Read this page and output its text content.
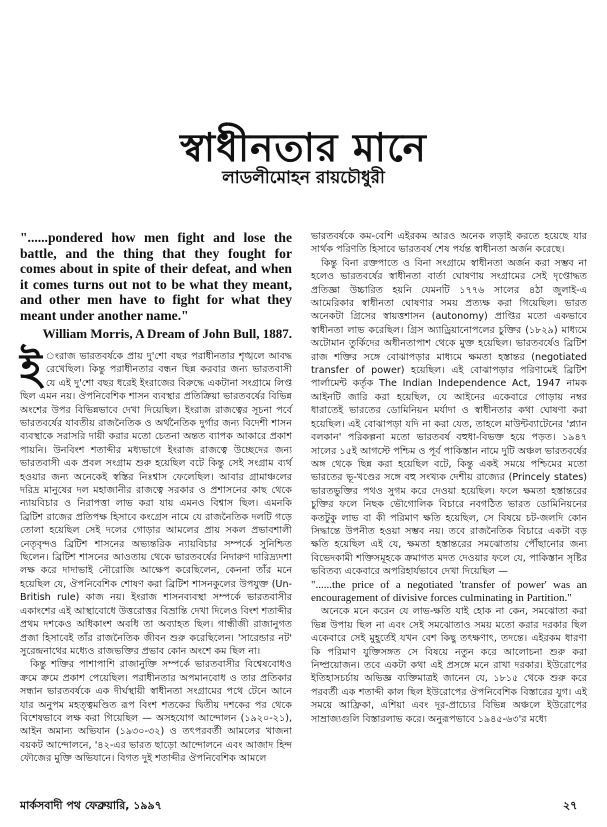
স্বাধীনতার মানে
লাডলীমোহন রায়চৌধুরী
"......pondered how men fight and lose the battle, and the thing that they fought for comes about in spite of their defeat, and when it comes turns out not to be what they meant, and other men have to fight for what they meant under another name."
William Morris, A Dream of John Bull, 1887.

ই ংরাজ ভারতবর্ষকে প্রায় দু'শো বছর পরাধীনতার শৃঙ্খলে আবদ্ধ রেখেছিল। কিন্তু পরাধীনতার বন্ধন ছিন্ন করবার জন্য ভারতবাসী যে এই দু'শো বছর ধরেই ইংরাজের বিরুদ্ধে একটানা সংগ্রামে লিপ্ত ছিল এমন নয়। ঔপনিবেশিক শাসন ব্যবস্থার প্রতিক্রিয়া ভারতবর্ষের বিভিন্ন অংশের উপর বিভিন্নভাবে দেখা দিয়েছিল। ইংরাজ রাজত্বের সূচনা পর্বে ভারতবর্ষের যাবতীয় রাজনৈতিক ও অর্থনৈতিক দুর্গার জন্য বিদেশী শাসন ব্যবস্থাকে সরাসরি দায়ী করার মতো চেতনা অন্তত ব্যাপক আকারে প্রকাশ পায়নি। উনবিংশ শতাব্দীর মধ্যভাগে ইংরাজ রাজত্বে উচ্ছেদের জন্য ভারতবাসী এক প্রবল সংগ্রাম শুরু হয়েছিল বটে কিন্তু সেই সংগ্রাম ব্যর্থ হওয়ার জন্য অনেকেই স্বস্তির নিঃশ্বাস ফেলেছিল। আবার গ্রামাঞ্চলের দরিদ্র মানুষের দল মহাজানীর রাজত্বে সরকার ও প্রশাসনের কাছ থেকে ন্যায়বিচার ও নিরাপত্তা লাভ করা যায় এমনও বিশ্বাস ছিল। এমনকি ব্রিটিশ রাজের প্রতিপক্ষ হিসাবে কংগ্রেস নামে যে রাজনৈতিক দলটি গড়ে তোলা হয়েছিল সেই দলের গোড়ার আমলের প্রায় সকল প্রভাবশালী নেতৃবৃন্দও ব্রিটিশ শাসনের অভ্যন্তরিক ন্যায়বিচার সম্পর্কে সুনিশ্চিত ছিলেন। ব্রিটিশ শাসনের আওতায় থেকে ভারতবর্ষের নিদারুণ দারিদ্র্যদশা লক্ষ করে দাদাভাই নৌরোজি আক্ষেপ করেছিলেন, কেননা তাঁর মনে হয়েছিল যে, ঔপনিবেশিক শোষণ করা ব্রিটিশ শাসনকুলের উপযুক্ত (Un-British rule) কাজ নয়। ইংরাজ শাসনব্যবস্থা সম্পর্কে ভারতবাসীর একাংশের এই আস্থাবোধে উত্তরোত্তর বিভ্রান্তি দেখা দিলেও বিংশ শতাব্দীর প্রথম দশকেও অধিকাংশ অবধি তা অব্যাহত ছিল। গান্ধীজী রাজানুগত প্রজা হিসাবেই তাঁর রাজনৈতিক জীবন শুরু করেছিলেন। 'সারেন্ডার নট' সুরেন্দ্রনাথের মধ্যেও রাজভক্তির প্রভাব কোন অংশে কম ছিল না।

কিন্তু শক্তির পাশাপাশি রাজানুক্তি সম্পর্কে ভারতবাসীর বিশ্বেষবোধও ক্রমে ক্রমে প্রকাশ পেয়েছিল। পরাধীনতার অপমানবোধ ও তার প্রতিকার সন্ধান ভারতবর্ষকে এক দীর্ঘস্থায়ী স্বাধীনতা সংগ্রামের পথে টেনে আনে যার অনুপম মহত্ত্বমণ্ডিত রূপ বিংশ শতকের দ্বিতীয় দশকের পর থেকে বিশেষভাবে লক্ষ করা গিয়েছিল — অসহযোগ আন্দোলন (১৯২০-২১), আইন অমান্য অভিযান (১৯৩০-৩২) ও তৎপরবর্তী আমলের খাজনা বয়কট আন্দোলনে, '৪২-এর ভারত ছাড়ো আন্দোলনে এবং আজাদ হিন্দ ফৌজের মুক্তি অভিযানে। বিগত দুই শতাব্দীর ঔপনিবেশিক আমলে

ভারতবর্ষকে কম-বেশি এইরকম আরও অনেক লড়াই করতে হয়েছে যার সার্থক পরিণতি হিসাবে ভারতবর্ষ শেষ পর্যন্ত স্বাধীনতা অর্জন করেছে।

কিন্তু বিনা রক্তপাতে ও বিনা সংগ্রামে স্বাধীনতা অর্জন করা সম্ভব না হলেও ভারতবর্ষের স্বাধীনতা বার্তা ঘোষণায় সংগ্রামের সেই দৃপ্তোদ্ধত প্রতিজ্ঞা উচ্চারিত হয়নি যেমনটি ১৭৭৬ সালের ৪ঠা জুলাই-এ আমেরিকার স্বাধীনতা ঘোষণার সময় প্রত্যক্ষ করা গিয়েছিল। ভারত অনেকটা গ্রিসের স্বায়ত্তশাসন (autonomy) প্রাপ্তির মতো একভাবে স্বাধীনতা লাভ করেছিল। গ্রিস অ্যাড্রিয়ানোপলের চুক্তির (১৮২৯) মাধ্যমে অটোমান তুর্কিদের অধীনতাপাশ থেকে মুক্ত হয়েছিল। ভারতবর্ষেও ব্রিটিশ রাজ শক্তির সঙ্গে বোঝাপড়ার মাধ্যমে ক্ষমতা হস্তান্তর (negotiated transfer of power) হয়েছিল। এই বোঝাপড়ার পরিণামেই ব্রিটিশ পার্লামেন্ট কর্তৃক The Indian Independence Act, 1947 নামক আইনটি জারি করা হয়েছিল, যে আইনের একেবারে গোড়ায় নম্বর ধারাতেই ভারতের ডোমিনিয়ন মর্যাদা ও স্বাধীনতার কথা ঘোষণা করা হয়েছিল। এই বোঝাপড়া যদি না করা যেত, তাহলে মাউন্টব্যাটেনের 'প্ল্যান বলকান' পরিকল্পনা মতো ভারতবর্ষ বহুধা-বিভক্ত হয়ে পড়ত। ১৯৪৭ সালের ১৫ই আগস্টে পশ্চিম ও পূর্ব পাকিস্তান নামে দুটি অঞ্চল ভারতবর্ষের অঙ্গ থেকে ছিন্ন করা হয়েছিল বটে, কিন্তু একই সময়ে পশ্চিমের মতো ভারতের ভূ-খণ্ডের সঙ্গে বহু সংখ্যক দেশীয় রাজ্যের (Princely states) ভারতভুক্তির পথও সুগম করে দেওয়া হয়েছিল। ফলে ক্ষমতা হস্তান্তরের চুক্তির ফলে নিছক ভৌগোলিক বিচারে নবগঠিত ভারত ডোমিনিয়নের কতটুকু লাভ বা কী পরিমাণ ক্ষতি হয়েছিল, সে বিষয়ে চট-জলদি কোন সিদ্ধান্তে উপনীত হওয়া সম্ভব নয়। তবে রাজনৈতিক বিচারে একটা বড় ক্ষতি হয়েছিল এই যে, ক্ষমতা হস্তান্তরের সমঝোতায় পৌঁছানোর জন্য বিভেদকামী শক্তিসমূহকে ক্রমাগত মদত দেওয়ার ফলে যে, পাকিস্তান সৃষ্টির ভবিতব্য একেবারে অপরিহার্যভাবে দেখা দিয়েছিল —

"......the price of a negotiated 'transfer of power' was an encouragement of divisive forces culminating in Partition."

অনেকে মনে করেন যে লাভ-ক্ষতি যাই হোক না কেন, সমঝোতা করা ভিন্ন উপায় ছিল না এবং সেই সমঝোতাও সময় মতো করার দরকার ছিল একেবারে সেই মুহূর্তেই যখন বেশ কিছু তৎক্ষণাৎ, তদন্তে। এইরকম ধারণা কি পরিমাণ যুক্তিসঙ্গত সে বিষয়ে নতুন করে আলোচনা শুরু করা নিষ্প্রয়োজন। তবে একটা কথা এই প্রসঙ্গে মনে রাখা দরকার। ইউরোপের ইতিহাসচর্চায় অভিজ্ঞ ব্যক্তিমাত্রই জানেন যে, ১৮১৫ থেকে শুরু করে পরবর্তী এক শতাব্দী কাল ছিল ইউরোপের ঔপনিবেশিক বিস্তারের যুগ। এই সময়ে আফ্রিকা, এশিয়া এবং দূর-প্রাচ্যের বিভিন্ন অঞ্চলে ইউরোপের সাম্রাজ্যগুলি বিস্তারলাভ করে। অনুরূপভাবে ১৯৪৫-৬৩'র মধ্যে

মার্কসবাদী পথ ফেব্রুয়ারি, ১৯৯৭	২৭
